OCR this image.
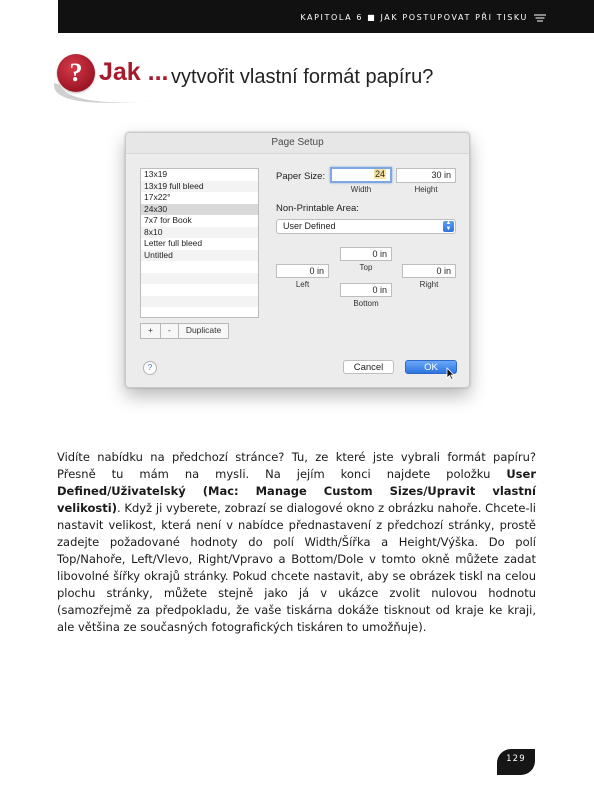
KAPITOLA 6 ■ JAK POSTUPOVAT PŘI TISKU
? Jak ... vytvořit vlastní formát papíru?
Page Setup
13x19
13x19 full bleed
17x22°
24x30
7x7 for Book
8x10
Letter full bleed
Untitled
+	-	Duplicate
Paper Size:	24	30 in
Width	Height
Non-Printable Area:
User Defined	▲
▼
0 in
Top
0 in
Left
0 in
Right
0 in
Bottom
?	Cancel	OK

Vidíte nabídku na předchozí stránce? Tu, ze které jste vybrali formát papíru? Přesně tu mám na mysli. Na jejím konci najdete položku User Defined/Uživatelský (Mac: Manage Custom Sizes/Upravit vlastní velikosti). Když ji vyberete, zobrazí se dialogové okno z obrázku nahoře. Chcete-li nastavit velikost, která není v nabídce přednastavení z předchozí stránky, prostě zadejte požadované hodnoty do polí Width/Šířka a Height/Výška. Do polí Top/Nahoře, Left/Vlevo, Right/Vpravo a Bottom/Dole v tomto okně můžete zadat libovolné šířky okrajů stránky. Pokud chcete nastavit, aby se obrázek tiskl na celou plochu stránky, můžete stejně jako já v ukázce zvolit nulovou hodnotu (samozřejmě za předpokladu, že vaše tiskárna dokáže tisknout od kraje ke kraji, ale většina ze současných fotografických tiskáren to umožňuje).

129
